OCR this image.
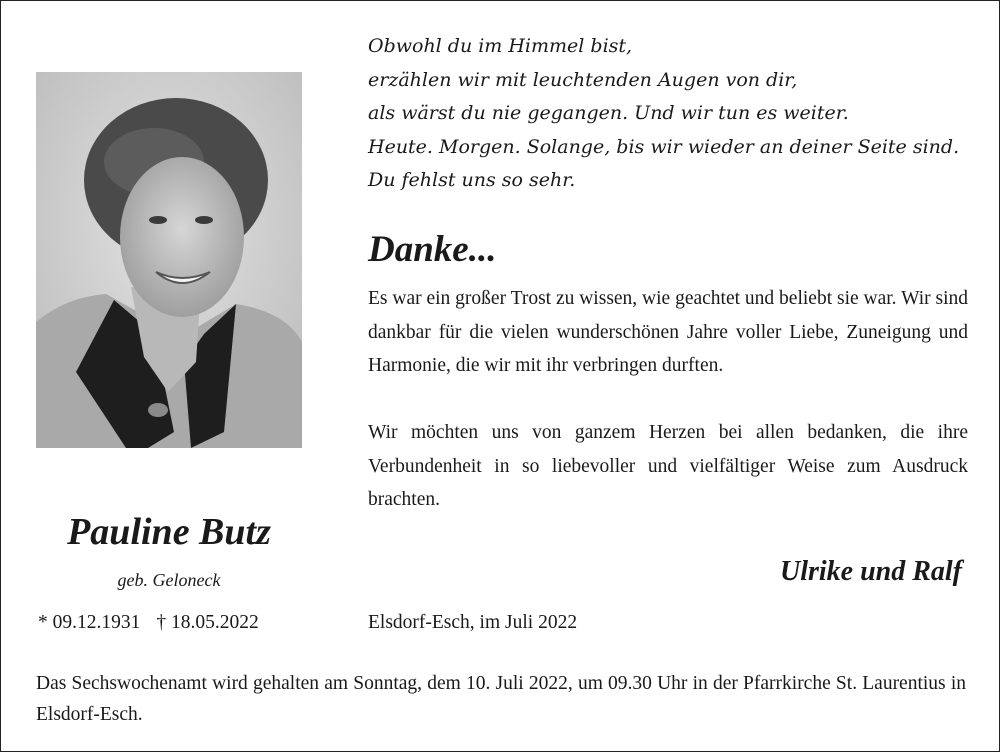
Obwohl du im Himmel bist,
erzählen wir mit leuchtenden Augen von dir,
als wärst du nie gegangen. Und wir tun es weiter.
Heute. Morgen. Solange, bis wir wieder an deiner Seite sind.
Du fehlst uns so sehr.
Danke...
Es war ein großer Trost zu wissen, wie geachtet und beliebt sie war. Wir sind dankbar für die vielen wunderschönen Jahre voller Liebe, Zuneigung und Harmonie, die wir mit ihr verbringen durften.
Wir möchten uns von ganzem Herzen bei allen bedanken, die ihre Verbundenheit in so liebevoller und vielfältiger Weise zum Ausdruck brachten.
Pauline Butz
geb. Geloneck
* 09.12.1931 † 18.05.2022
Ulrike und Ralf
Elsdorf-Esch, im Juli 2022
Das Sechswochenamt wird gehalten am Sonntag, dem 10. Juli 2022, um 09.30 Uhr in der Pfarrkirche St. Laurentius in Elsdorf-Esch.
